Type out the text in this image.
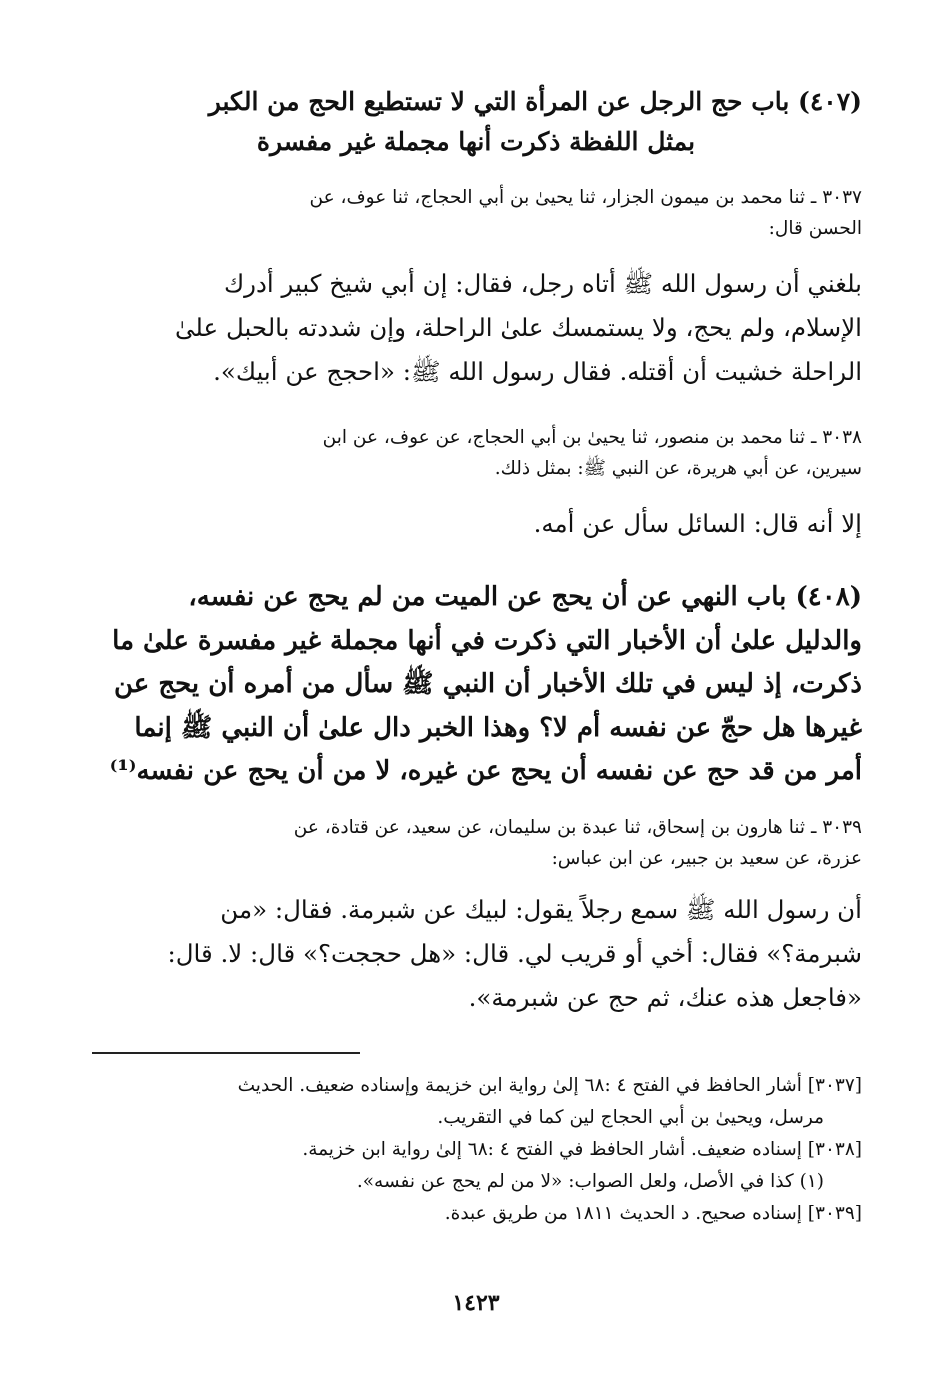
(٤٠٧) باب حج الرجل عن المرأة التي لا تستطيع الحج من الكبر
بمثل اللفظة ذكرت أنها مجملة غير مفسرة
٣٠٣٧ ـ ثنا محمد بن ميمون الجزار، ثنا يحيىٰ بن أبي الحجاج، ثنا عوف، عن
الحسن قال:
بلغني أن رسول الله ﷺ أتاه رجل، فقال: إن أبي شيخ كبير أدرك
الإسلام، ولم يحج، ولا يستمسك علىٰ الراحلة، وإن شددته بالحبل علىٰ
الراحلة خشيت أن أقتله. فقال رسول الله ﷺ: «احجج عن أبيك».
٣٠٣٨ ـ ثنا محمد بن منصور، ثنا يحيىٰ بن أبي الحجاج، عن عوف، عن ابن
سيرين، عن أبي هريرة، عن النبي ﷺ: بمثل ذلك.
إلا أنه قال: السائل سأل عن أمه.
(٤٠٨) باب النهي عن أن يحج عن الميت من لم يحج عن نفسه،
والدليل علىٰ أن الأخبار التي ذكرت في أنها مجملة غير مفسرة علىٰ ما
ذكرت، إذ ليس في تلك الأخبار أن النبي ﷺ سأل من أمره أن يحج عن
غيرها هل حجّ عن نفسه أم لا؟ وهذا الخبر دال علىٰ أن النبي ﷺ إنما
أمر من قد حج عن نفسه أن يحج عن غيره، لا من أن يحج عن نفسه⁽¹⁾
٣٠٣٩ ـ ثنا هارون بن إسحاق، ثنا عبدة بن سليمان، عن سعيد، عن قتادة، عن
عزرة، عن سعيد بن جبير، عن ابن عباس:
أن رسول الله ﷺ سمع رجلاً يقول: لبيك عن شبرمة. فقال: «من
شبرمة؟» فقال: أخي أو قريب لي. قال: «هل حججت؟» قال: لا. قال:
«فاجعل هذه عنك، ثم حج عن شبرمة».
[٣٠٣٧] أشار الحافظ في الفتح ٤ :٦٨ إلىٰ رواية ابن خزيمة وإسناده ضعيف. الحديث
مرسل، ويحيىٰ بن أبي الحجاج لين كما في التقريب.
[٣٠٣٨] إسناده ضعيف. أشار الحافظ في الفتح ٤ :٦٨ إلىٰ رواية ابن خزيمة.
(١) كذا في الأصل، ولعل الصواب: «لا من لم يحج عن نفسه».
[٣٠٣٩] إسناده صحيح. د الحديث ١٨١١ من طريق عبدة.
١٤٢٣
